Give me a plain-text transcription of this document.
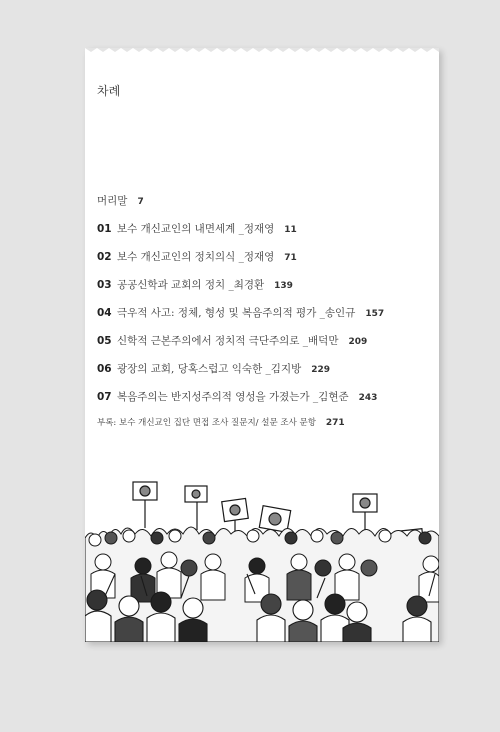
차례
머리말 7
01 보수 개신교인의 내면세계 _정재영 11
02 보수 개신교인의 정치의식 _정재영 71
03 공공신학과 교회의 정치 _최경환 139
04 극우적 사고: 정체, 형성 및 복음주의적 평가 _송인규 157
05 신학적 근본주의에서 정치적 극단주의로 _배덕만 209
06 광장의 교회, 당혹스럽고 익숙한 _김지방 229
07 복음주의는 반지성주의적 영성을 가졌는가 _김현준 243
부록: 보수 개신교인 집단 면접 조사 질문지/ 설문 조사 문항 271
